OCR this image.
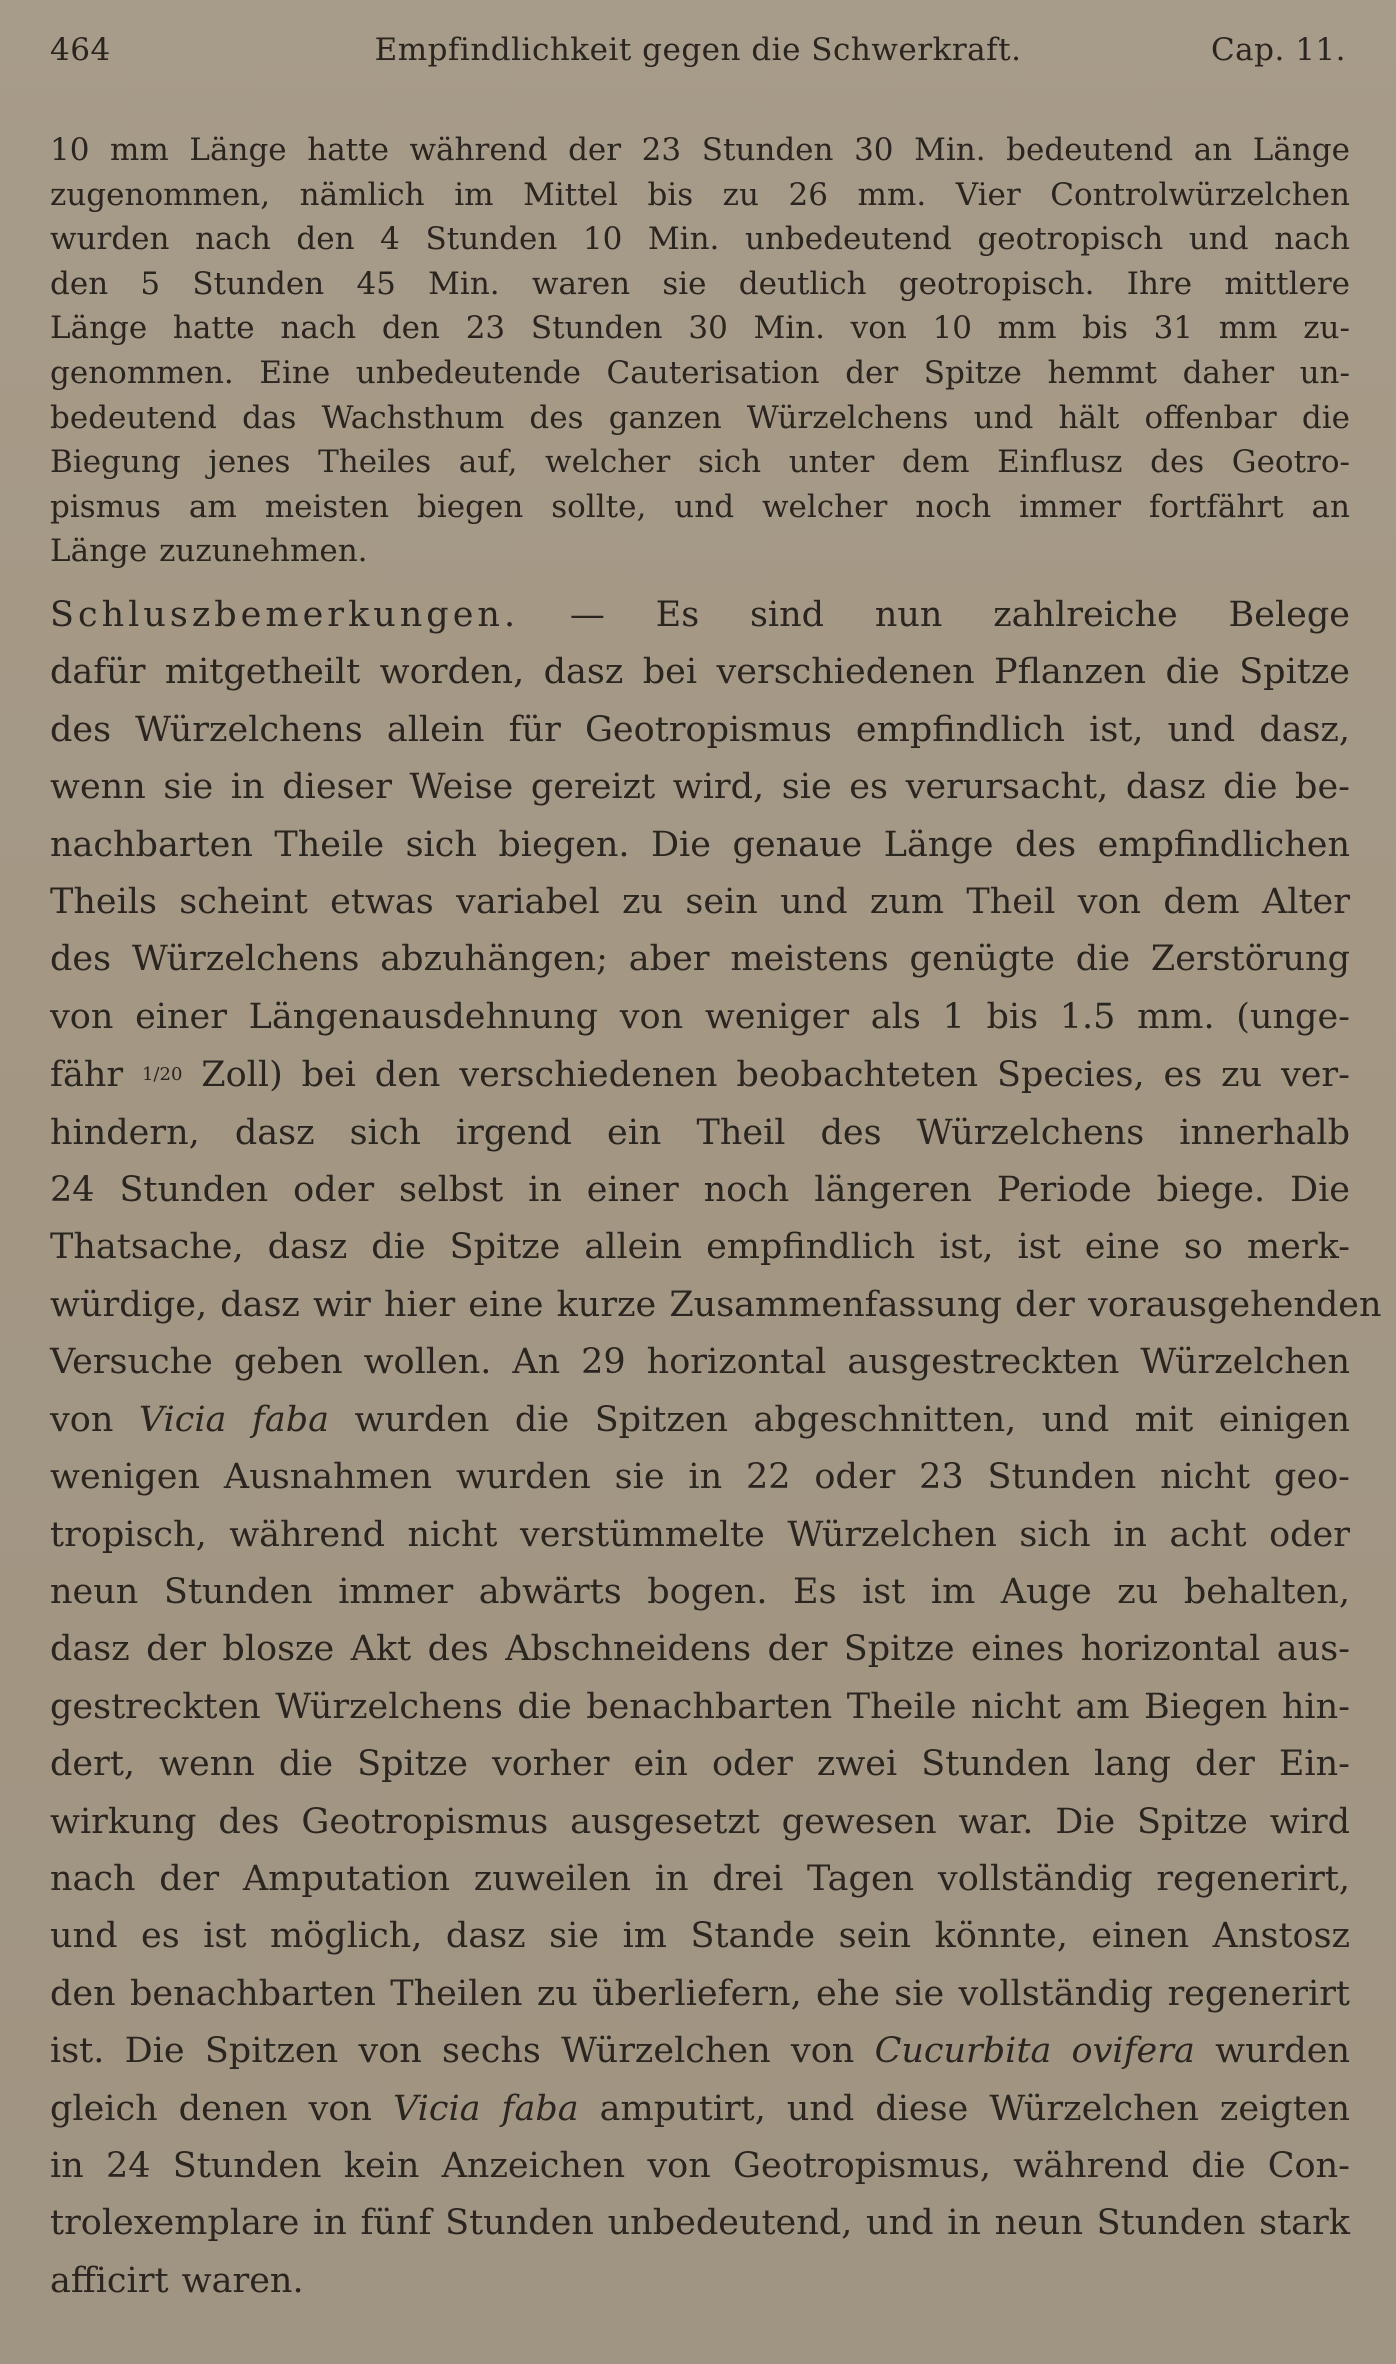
464	Empfindlichkeit gegen die Schwerkraft.	Cap. 11.
10 mm Länge hatte während der 23 Stunden 30 Min. bedeutend an Länge
zugenommen, nämlich im Mittel bis zu 26 mm. Vier Controlwürzelchen
wurden nach den 4 Stunden 10 Min. unbedeutend geotropisch und nach
den 5 Stunden 45 Min. waren sie deutlich geotropisch. Ihre mittlere
Länge hatte nach den 23 Stunden 30 Min. von 10 mm bis 31 mm zu-
genommen. Eine unbedeutende Cauterisation der Spitze hemmt daher un-
bedeutend das Wachsthum des ganzen Würzelchens und hält offenbar die
Biegung jenes Theiles auf, welcher sich unter dem Einflusz des Geotro-
pismus am meisten biegen sollte, und welcher noch immer fortfährt an
Länge zuzunehmen.
Schluszbemerkungen. — Es sind nun zahlreiche Belege
dafür mitgetheilt worden, dasz bei verschiedenen Pflanzen die Spitze
des Würzelchens allein für Geotropismus empfindlich ist, und dasz,
wenn sie in dieser Weise gereizt wird, sie es verursacht, dasz die be-
nachbarten Theile sich biegen. Die genaue Länge des empfindlichen
Theils scheint etwas variabel zu sein und zum Theil von dem Alter
des Würzelchens abzuhängen; aber meistens genügte die Zerstörung
von einer Längenausdehnung von weniger als 1 bis 1.5 mm. (unge-
fähr 1/20 Zoll) bei den verschiedenen beobachteten Species, es zu ver-
hindern, dasz sich irgend ein Theil des Würzelchens innerhalb
24 Stunden oder selbst in einer noch längeren Periode biege. Die
Thatsache, dasz die Spitze allein empfindlich ist, ist eine so merk-
würdige, dasz wir hier eine kurze Zusammenfassung der vorausgehenden
Versuche geben wollen. An 29 horizontal ausgestreckten Würzelchen
von Vicia faba wurden die Spitzen abgeschnitten, und mit einigen
wenigen Ausnahmen wurden sie in 22 oder 23 Stunden nicht geo-
tropisch, während nicht verstümmelte Würzelchen sich in acht oder
neun Stunden immer abwärts bogen. Es ist im Auge zu behalten,
dasz der blosze Akt des Abschneidens der Spitze eines horizontal aus-
gestreckten Würzelchens die benachbarten Theile nicht am Biegen hin-
dert, wenn die Spitze vorher ein oder zwei Stunden lang der Ein-
wirkung des Geotropismus ausgesetzt gewesen war. Die Spitze wird
nach der Amputation zuweilen in drei Tagen vollständig regenerirt,
und es ist möglich, dasz sie im Stande sein könnte, einen Anstosz
den benachbarten Theilen zu überliefern, ehe sie vollständig regenerirt
ist. Die Spitzen von sechs Würzelchen von Cucurbita ovifera wurden
gleich denen von Vicia faba amputirt, und diese Würzelchen zeigten
in 24 Stunden kein Anzeichen von Geotropismus, während die Con-
trolexemplare in fünf Stunden unbedeutend, und in neun Stunden stark
afficirt waren.
